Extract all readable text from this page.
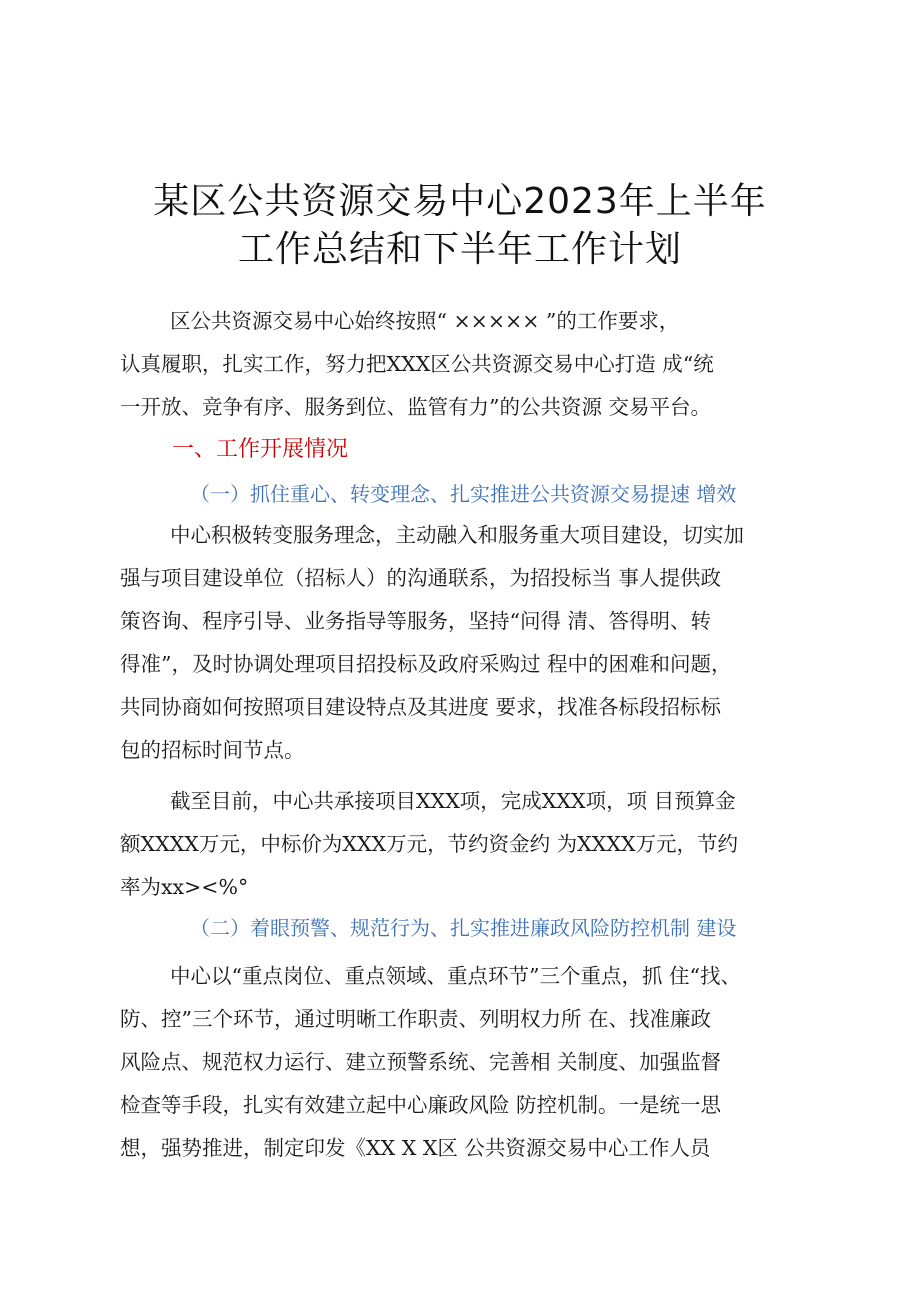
某区公共资源交易中心2023年上半年
工作总结和下半年工作计划
区公共资源交易中心始终按照“ ××××× ”的工作要求，
认真履职，扎实工作，努力把XXX区公共资源交易中心打造 成“统
一开放、竞争有序、服务到位、监管有力”的公共资源 交易平台。
一、工作开展情况
（一）抓住重心、转变理念、扎实推进公共资源交易提速 增效
中心积极转变服务理念，主动融入和服务重大项目建设，切实加
强与项目建设单位（招标人）的沟通联系，为招投标当 事人提供政
策咨询、程序引导、业务指导等服务，坚持“问得 清、答得明、转
得准”，及时协调处理项目招投标及政府采购过 程中的困难和问题，
共同协商如何按照项目建设特点及其进度 要求，找准各标段招标标
包的招标时间节点。
截至目前，中心共承接项目XXX项，完成XXX项，项 目预算金
额XXXX万元，中标价为XXX万元，节约资金约 为XXXX万元，节约
率为xx><%°
（二）着眼预警、规范行为、扎实推进廉政风险防控机制 建设
中心以“重点岗位、重点领域、重点环节”三个重点，抓 住“找、
防、控”三个环节，通过明晰工作职责、列明权力所 在、找准廉政
风险点、规范权力运行、建立预警系统、完善相 关制度、加强监督
检查等手段，扎实有效建立起中心廉政风险 防控机制。一是统一思
想，强势推进，制定印发《XX X X区 公共资源交易中心工作人员
